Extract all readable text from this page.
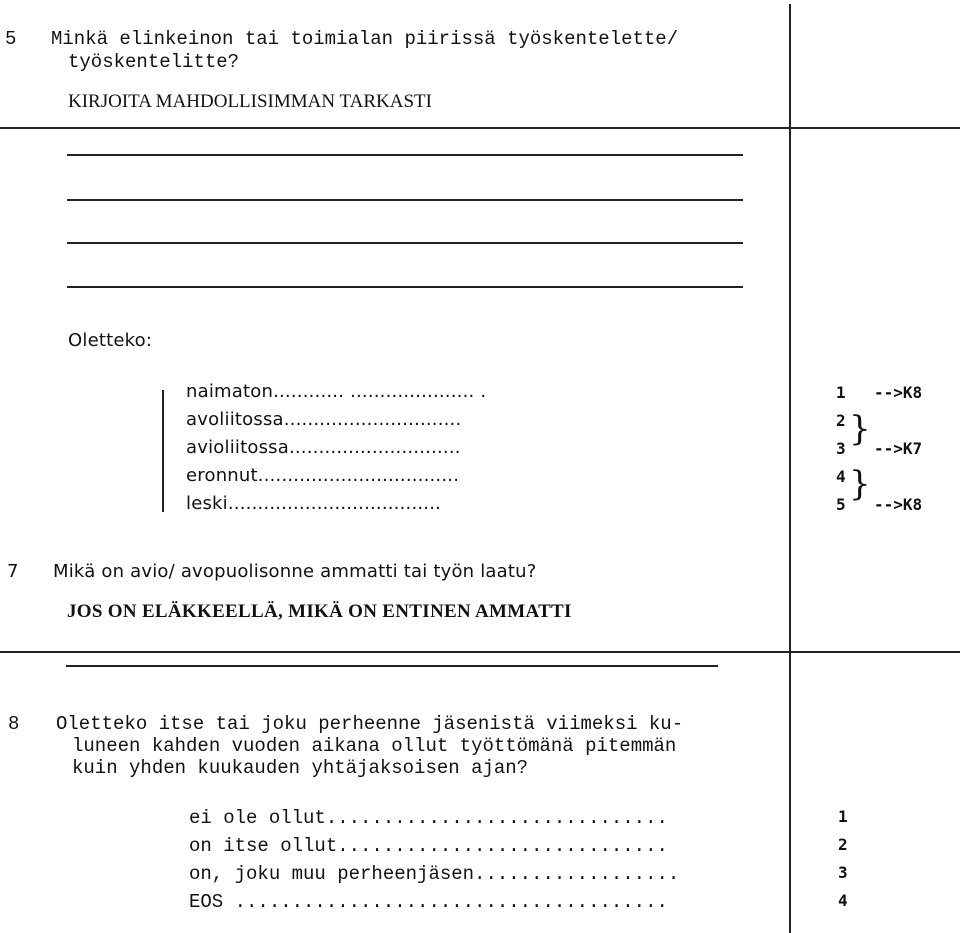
5 Minkä elinkeinon tai toimialan piirissä työskentelette/
työskentelitte?
KIRJOITA MAHDOLLISIMMAN TARKASTI
Oletteko:
naimaton............ ..................... .
avoliitossa..............................
avioliitossa.............................
eronnut..................................
leski....................................
1
2
3
4
5
}
}
-->K8
-->K7
-->K8
7 Mikä on avio/ avopuolisonne ammatti tai työn laatu?
JOS ON ELÄKKEELLÄ, MIKÄ ON ENTINEN AMMATTI
8 Oletteko itse tai joku perheenne jäsenistä viimeksi ku-
luneen kahden vuoden aikana ollut työttömänä pitemmän
kuin yhden kuukauden yhtäjaksoisen ajan?
ei ole ollut..............................
on itse ollut.............................
on, joku muu perheenjäsen..................
EOS ......................................
1
2
3
4
